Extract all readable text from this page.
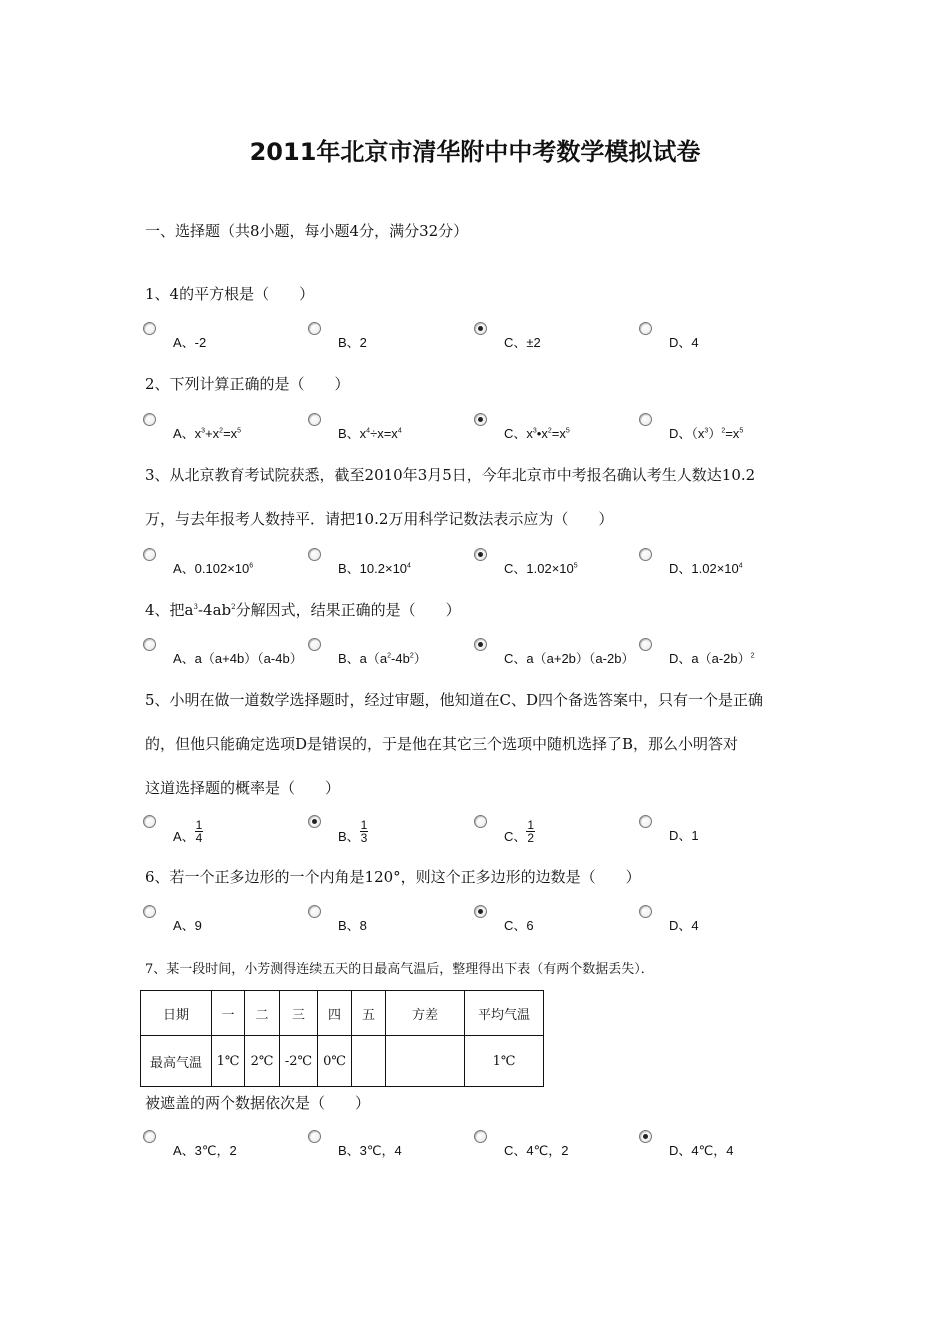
2011年北京市清华附中中考数学模拟试卷
一、选择题（共8小题，每小题4分，满分32分）
1、4的平方根是（　　）
A、-2	B、2	C、±2	D、4
2、下列计算正确的是（　　）
A、$x^3+x^2=x^5$	B、$x^4\div x=x^4$	C、$x^3•x^2=x^5$	D、$(x^3)^2=x^5$
3、从北京教育考试院获悉，截至2010年3月5日，今年北京市中考报名确认考生人数达10.2
万，与去年报考人数持平．请把10.2万用科学记数法表示应为（　　）
A、$0.102\times 10^6$	B、$10.2\times 10^4$	C、$1.02\times 10^5$	D、$1.02\times 10^4$
4、把$a^3-4ab^2$分解因式，结果正确的是（　　）
A、a（a+4b）（a-4b）	B、$a(a^2-4b^2)$	C、a（a+2b）（a-2b）	D、$a(a-2b)^2$
5、小明在做一道数学选择题时，经过审题，他知道在C、D四个备选答案中，只有一个是正确
的，但他只能确定选项D是错误的，于是他在其它三个选项中随机选择了B，那么小明答对
这道选择题的概率是（　　）
A、 $\frac{1}{4}$	B、 $\frac{1}{3}$	C、 $\frac{1}{2}$	D、1
6、若一个正多边形的一个内角是120°，则这个正多边形的边数是（　　）
A、9	B、8	C、6	D、4
7、某一段时间，小芳测得连续五天的日最高气温后，整理得出下表（有两个数据丢失）．
日期	一	二	三	四	五	方差	平均气温
最高气温	1℃	2℃	-2℃	0℃			1℃
被遮盖的两个数据依次是（　　）
A、3℃，2	B、3℃，4	C、4℃，2	D、4℃，4
